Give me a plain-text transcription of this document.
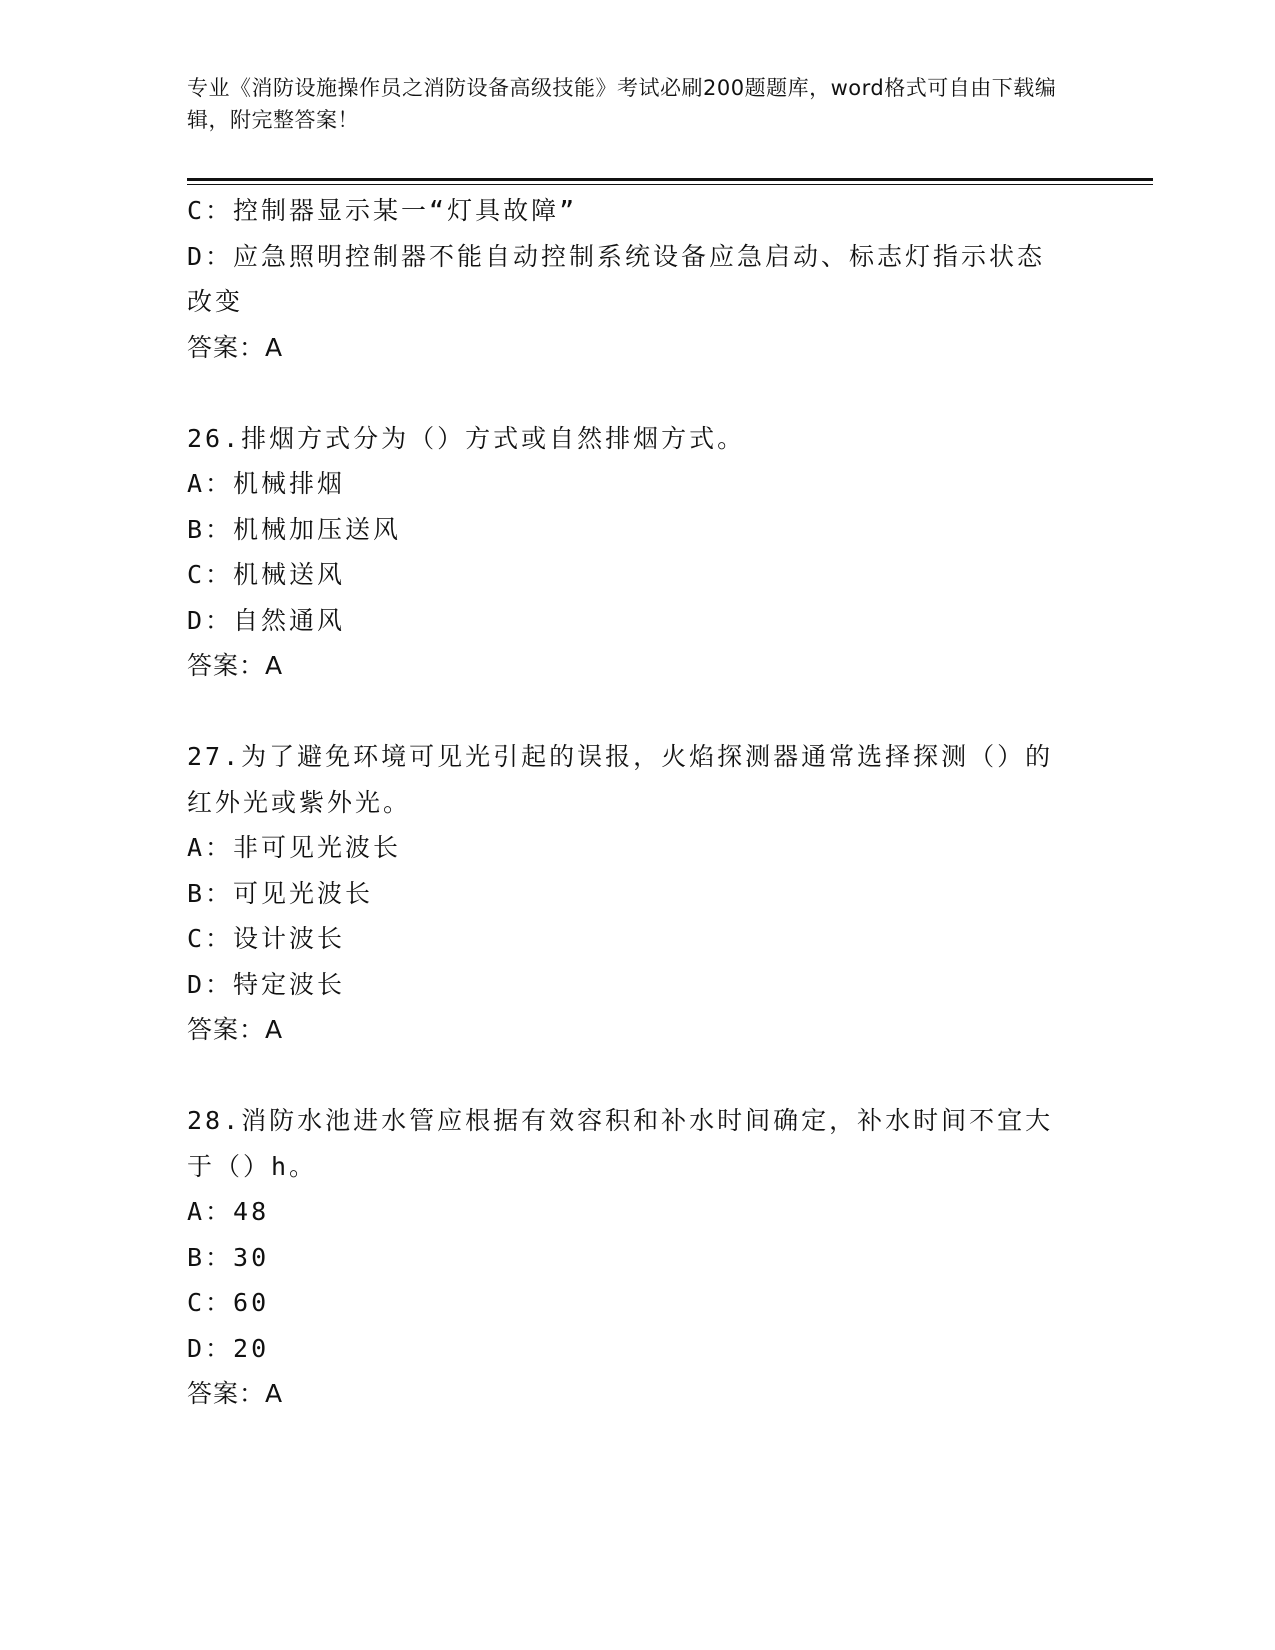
专业《消防设施操作员之消防设备高级技能》考试必刷200题题库，word格式可自由下载编辑，附完整答案！
C：控制器显示某一“灯具故障”
D：应急照明控制器不能自动控制系统设备应急启动、标志灯指示状态改变
答案：A
26.排烟方式分为（）方式或自然排烟方式。
A：机械排烟
B：机械加压送风
C：机械送风
D：自然通风
答案：A
27.为了避免环境可见光引起的误报，火焰探测器通常选择探测（）的红外光或紫外光。
A：非可见光波长
B：可见光波长
C：设计波长
D：特定波长
答案：A
28.消防水池进水管应根据有效容积和补水时间确定，补水时间不宜大于（）h。
A：48
B：30
C：60
D：20
答案：A
